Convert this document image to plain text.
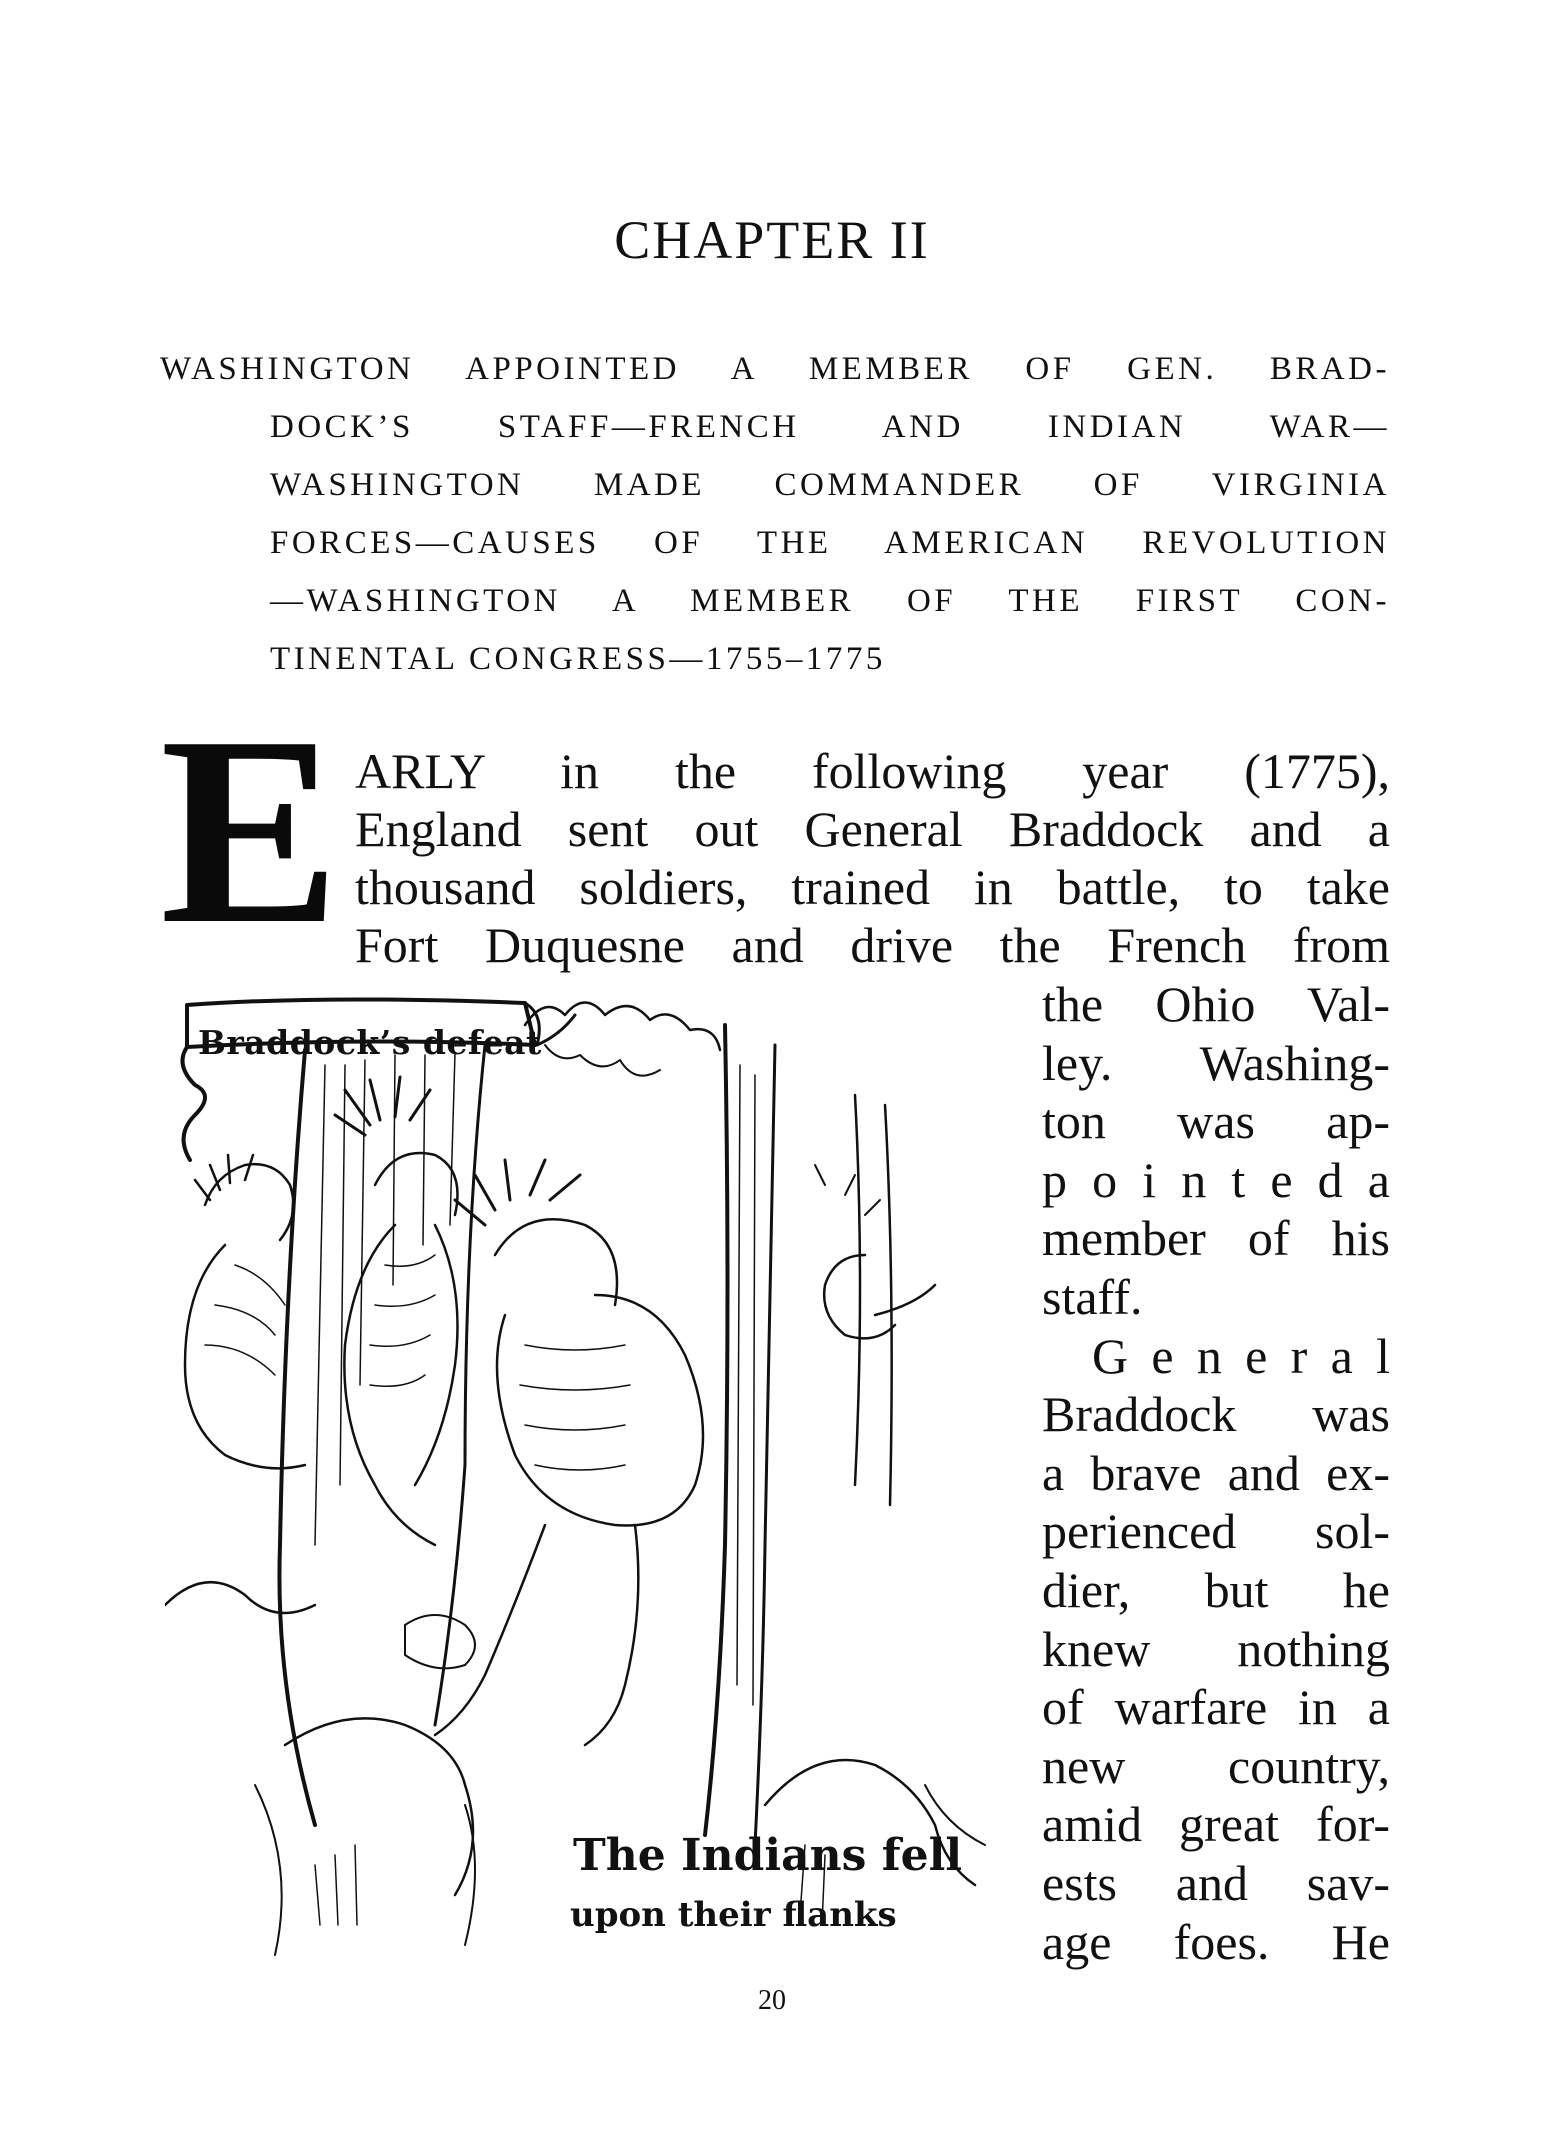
CHAPTER II
WASHINGTON APPOINTED A MEMBER OF GEN. BRAD-
DOCK’S STAFF—FRENCH AND INDIAN WAR—
WASHINGTON MADE COMMANDER OF VIRGINIA
FORCES—CAUSES OF THE AMERICAN REVOLUTION
—WASHINGTON A MEMBER OF THE FIRST CON-
TINENTAL CONGRESS—1755–1775
E ARLY in the following year (1775),
England sent out General Braddock and a
thousand soldiers, trained in battle, to take
Fort Duquesne and drive the French from
the Ohio Val-
ley. Washing-
ton was ap-
p o i n t e d a
member of his
staff.
G e n e r a l
Braddock was
a brave and ex-
perienced sol-
dier, but he
knew nothing
of warfare in a
new country,
amid great for-
ests and sav-
age foes. He
Braddock’s defeat
The Indians fell
upon their flanks
20
